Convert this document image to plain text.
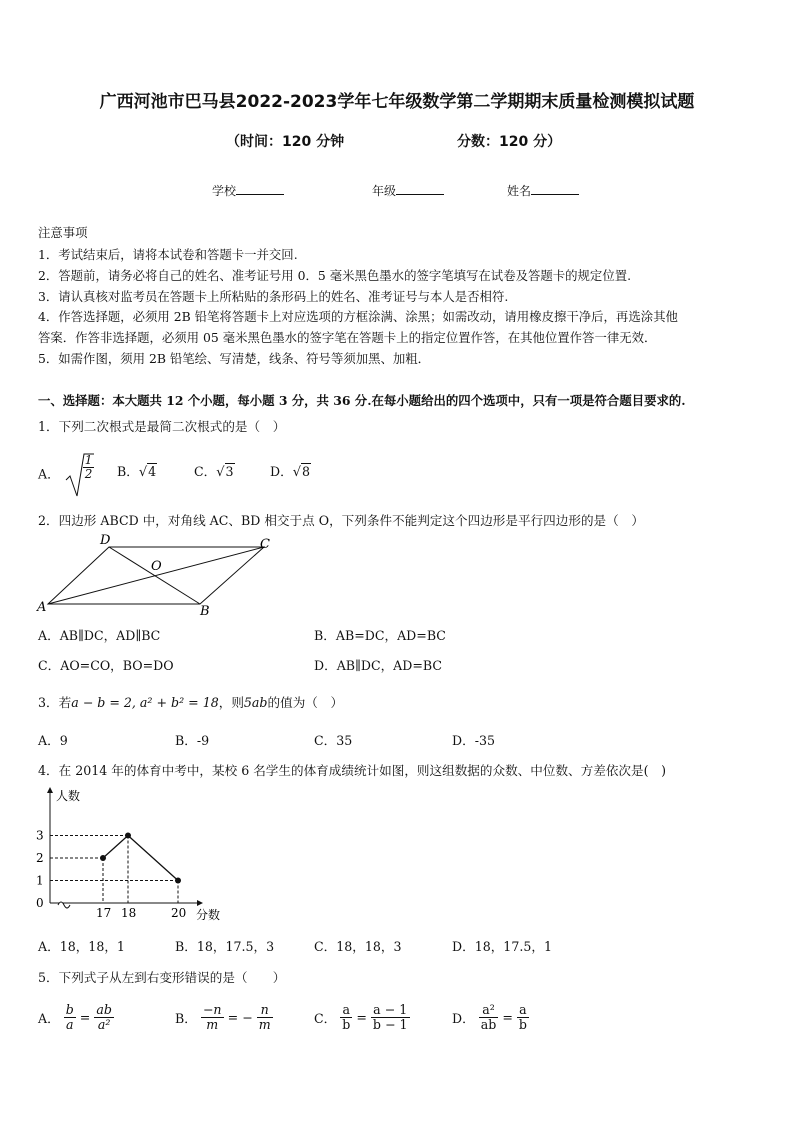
广西河池市巴马县2022-2023学年七年级数学第二学期期末质量检测模拟试题
（时间：120 分钟	分数：120 分）
学校	年级	姓名
注意事项
1．考试结束后，请将本试卷和答题卡一并交回.
2．答题前，请务必将自己的姓名、准考证号用 0．5 毫米黑色墨水的签字笔填写在试卷及答题卡的规定位置.
3．请认真核对监考员在答题卡上所粘贴的条形码上的姓名、准考证号与本人是否相符.
4．作答选择题，必须用 2B 铅笔将答题卡上对应选项的方框涂满、涂黑；如需改动，请用橡皮擦干净后，再选涂其他
答案．作答非选择题，必须用 05 毫米黑色墨水的签字笔在答题卡上的指定位置作答，在其他位置作答一律无效．
5．如需作图，须用 2B 铅笔绘、写清楚，线条、符号等须加黑、加粗．
一、选择题：本大题共 12 个小题，每小题 3 分，共 36 分.在每小题给出的四个选项中，只有一项是符合题目要求的.
1．下列二次根式是最简二次根式的是（　）
A． $\frac{1}{2}$ B．√4	C．√3	D．√8
2．四边形 ABCD 中，对角线 AC、BD 相交于点 O，下列条件不能判定这个四边形是平行四边形的是（　）
A	B
C
D
O
A．AB∥DC，AD∥BC	B．AB=DC，AD=BC
C．AO=CO，BO=DO	D．AB∥DC，AD=BC
3．若a − b = 2, a² + b² = 18，则5ab的值为（　）
A．9	B．-9	C．35	D．-35
4．在 2014 年的体育中考中，某校 6 名学生的体育成绩统计如图，则这组数据的众数、中位数、方差依次是(　)
人数
分数
0
1
2
3
17 18	20
A．18，18，1	B．18，17.5，3	C．18，18，3	D．18，17.5，1
5．下列式子从左到右变形错误的是（　　）
A． $\frac{b}{a} = \frac{ab}{\text{a²}}$	B． $\frac{-n}{m}$ = − $\frac{n}{m}$	C． $\frac{a}{b} = \frac{a - 1}{b - 1}$	D． $\frac{\text{a²}}{ab} = \frac{a}{b}$
